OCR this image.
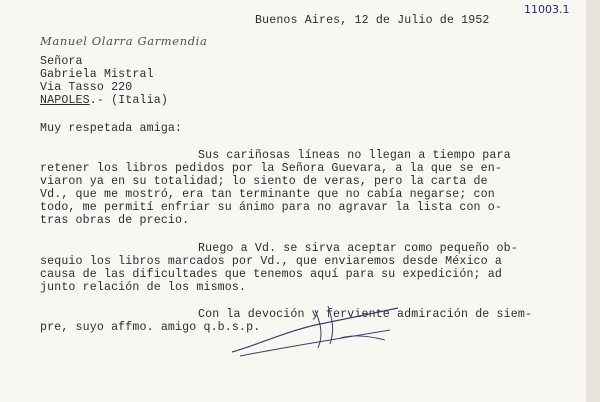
11003.1
Manuel Olarra Garmendia
Buenos Aires, 12 de Julio de 1952
Señora
Gabriela Mistral
Via Tasso 220
NAPOLES.- (Italia)
Muy respetada amiga:
Sus cariñosas líneas no llegan a tiempo para
retener los libros pedidos por la Señora Guevara, a la que se en-
viaron ya en su totalidad; lo siento de veras, pero la carta de
Vd., que me mostró, era tan terminante que no cabía negarse; con
todo, me permití enfriar su ánimo para no agravar la lista con o-
tras obras de precio.
Ruego a Vd. se sirva aceptar como pequeño ob-
sequio los libros marcados por Vd., que enviaremos desde México a
causa de las dificultades que tenemos aquí para su expedición; ad
junto relación de los mismos.
Con la devoción y ferviente admiración de siem-
pre, suyo affmo. amigo q.b.s.p.
